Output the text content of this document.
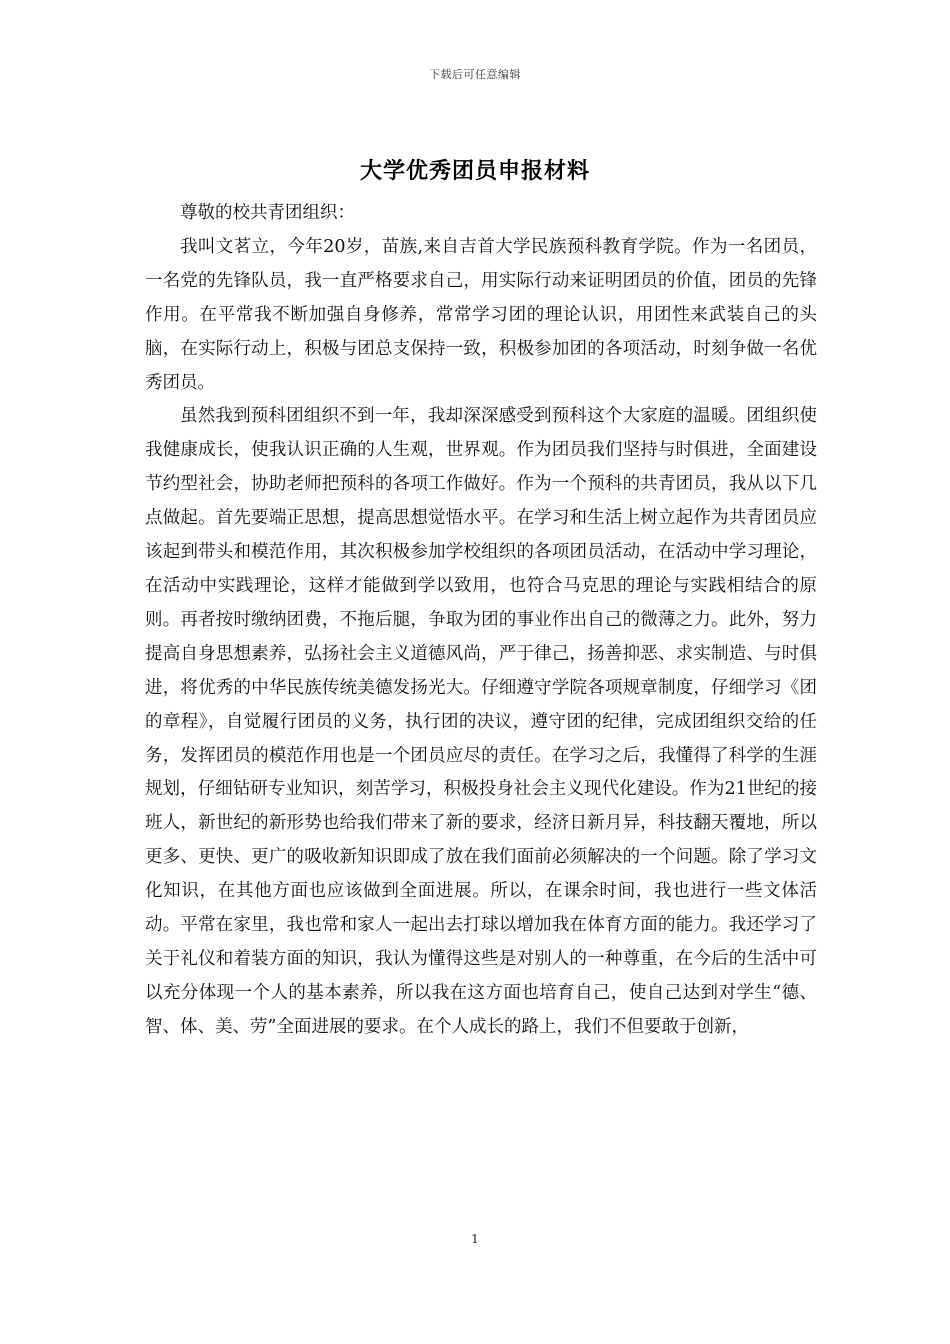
下载后可任意编辑
大学优秀团员申报材料

尊敬的校共青团组织：

我叫文茗立，今年20岁，苗族,来自吉首大学民族预科教育学院。作为一名团员，一名党的先锋队员，我一直严格要求自己，用实际行动来证明团员的价值，团员的先锋作用。在平常我不断加强自身修养，常常学习团的理论认识，用团性来武装自己的头脑，在实际行动上，积极与团总支保持一致，积极参加团的各项活动，时刻争做一名优秀团员。

虽然我到预科团组织不到一年，我却深深感受到预科这个大家庭的温暖。团组织使我健康成长，使我认识正确的人生观，世界观。作为团员我们坚持与时俱进，全面建设节约型社会，协助老师把预科的各项工作做好。作为一个预科的共青团员，我从以下几点做起。首先要端正思想，提高思想觉悟水平。在学习和生活上树立起作为共青团员应该起到带头和模范作用，其次积极参加学校组织的各项团员活动，在活动中学习理论，在活动中实践理论，这样才能做到学以致用，也符合马克思的理论与实践相结合的原则。再者按时缴纳团费，不拖后腿，争取为团的事业作出自己的微薄之力。此外，努力提高自身思想素养，弘扬社会主义道德风尚，严于律己，扬善抑恶、求实制造、与时俱进，将优秀的中华民族传统美德发扬光大。仔细遵守学院各项规章制度，仔细学习《团的章程》，自觉履行团员的义务，执行团的决议，遵守团的纪律，完成团组织交给的任务，发挥团员的模范作用也是一个团员应尽的责任。在学习之后，我懂得了科学的生涯规划，仔细钻研专业知识，刻苦学习，积极投身社会主义现代化建设。作为21世纪的接班人，新世纪的新形势也给我们带来了新的要求，经济日新月异，科技翻天覆地，所以更多、更快、更广的吸收新知识即成了放在我们面前必须解决的一个问题。除了学习文化知识，在其他方面也应该做到全面进展。所以，在课余时间，我也进行一些文体活动。平常在家里，我也常和家人一起出去打球以增加我在体育方面的能力。我还学习了关于礼仪和着装方面的知识，我认为懂得这些是对别人的一种尊重，在今后的生活中可以充分体现一个人的基本素养，所以我在这方面也培育自己，使自己达到对学生“德、智、体、美、劳”全面进展的要求。在个人成长的路上，我们不但要敢于创新，

1
